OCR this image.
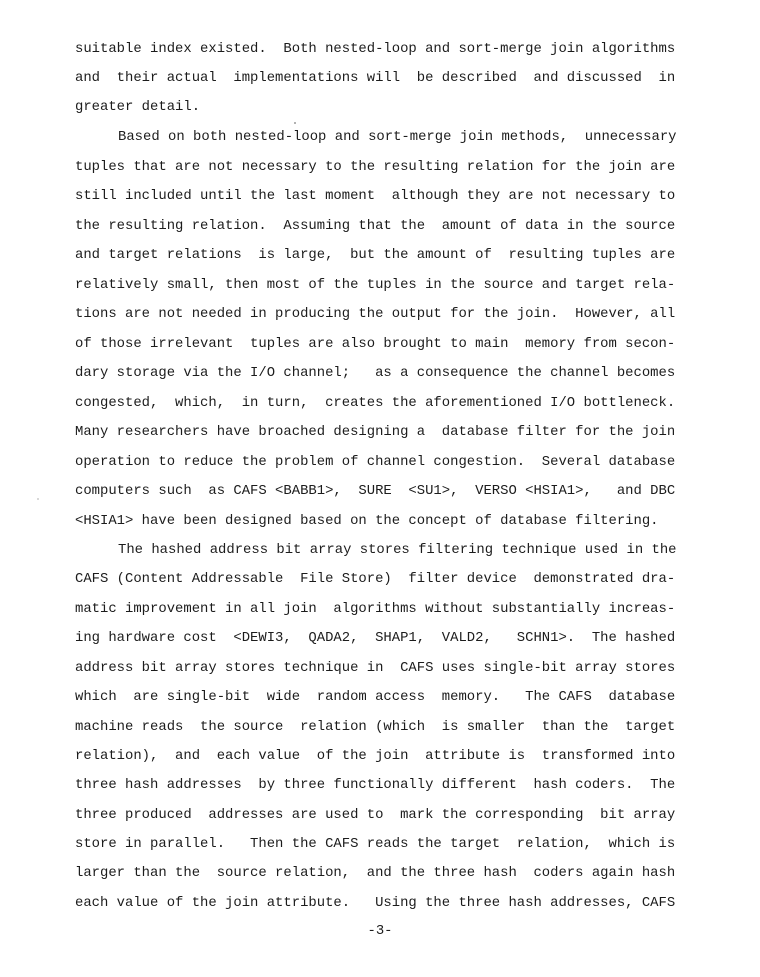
suitable index existed.  Both nested-loop and sort-merge join algorithms
and  their actual  implementations will  be described  and discussed  in
greater detail.
Based on both nested-loop and sort-merge join methods,  unnecessary
tuples that are not necessary to the resulting relation for the join are
still included until the last moment  although they are not necessary to
the resulting relation.  Assuming that the  amount of data in the source
and target relations  is large,  but the amount of  resulting tuples are
relatively small, then most of the tuples in the source and target rela-
tions are not needed in producing the output for the join.  However, all
of those irrelevant  tuples are also brought to main  memory from secon-
dary storage via the I/O channel;   as a consequence the channel becomes
congested,  which,  in turn,  creates the aforementioned I/O bottleneck.
Many researchers have broached designing a  database filter for the join
operation to reduce the problem of channel congestion.  Several database
computers such  as CAFS <BABB1>,  SURE  <SU1>,  VERSO <HSIA1>,   and DBC
<HSIA1> have been designed based on the concept of database filtering.
The hashed address bit array stores filtering technique used in the
CAFS (Content Addressable  File Store)  filter device  demonstrated dra-
matic improvement in all join  algorithms without substantially increas-
ing hardware cost  <DEWI3,  QADA2,  SHAP1,  VALD2,   SCHN1>.  The hashed
address bit array stores technique in  CAFS uses single-bit array stores
which  are single-bit  wide  random access  memory.   The CAFS  database
machine reads  the source  relation (which  is smaller  than the  target
relation),  and  each value  of the join  attribute is  transformed into
three hash addresses  by three functionally different  hash coders.  The
three produced  addresses are used to  mark the corresponding  bit array
store in parallel.   Then the CAFS reads the target  relation,  which is
larger than the  source relation,  and the three hash  coders again hash
each value of the join attribute.   Using the three hash addresses, CAFS
-3-
